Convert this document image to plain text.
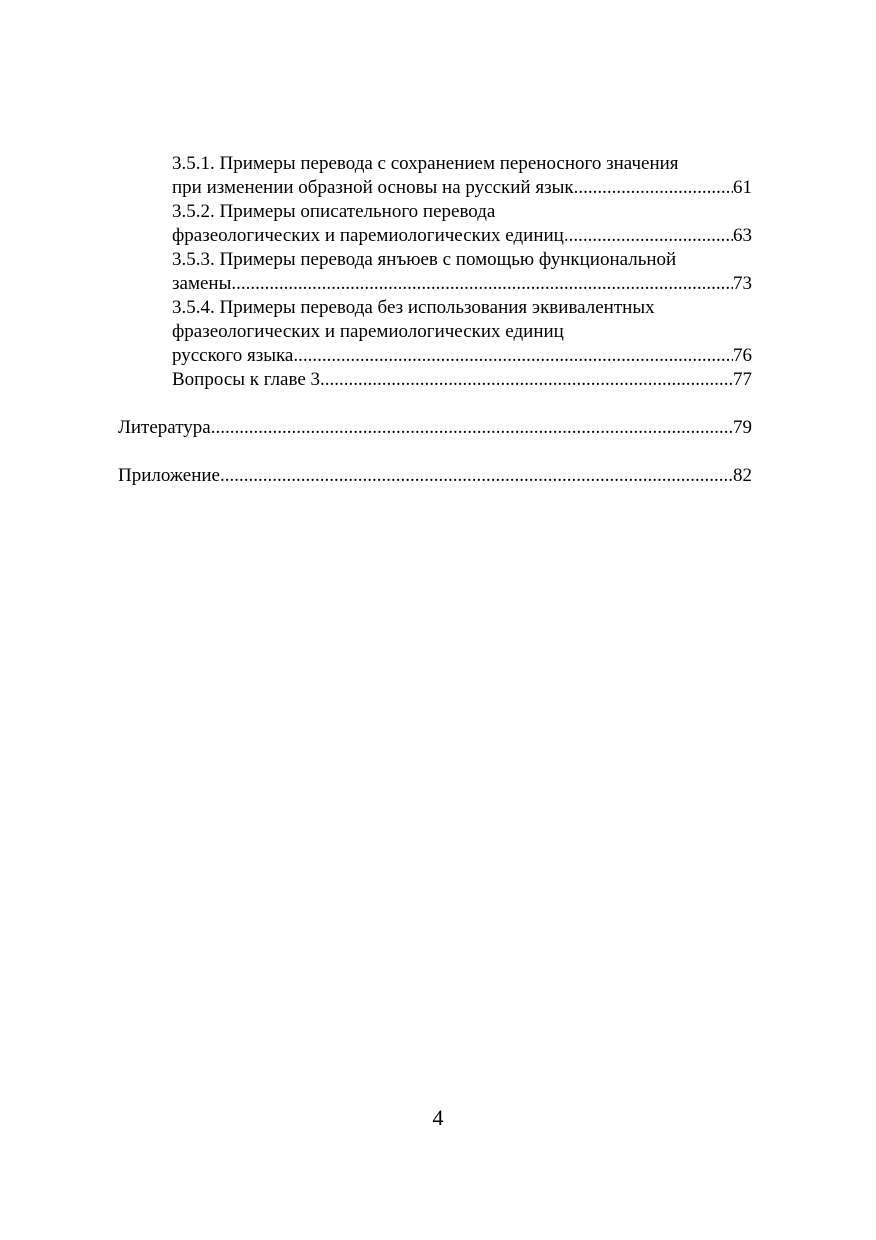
3.5.1. Примеры перевода с сохранением переносного значения
при изменении образной основы на русский язык .....	61
3.5.2. Примеры описательного перевода
фразеологических и паремиологических единиц .....	63
3.5.3. Примеры перевода янъюев с помощью функциональной
замены .....	73
3.5.4. Примеры перевода без использования эквивалентных
фразеологических и паремиологических единиц
русского языка .....	76
Вопросы к главе 3 .....	77
Литература .....	79
Приложение .....	82
4
